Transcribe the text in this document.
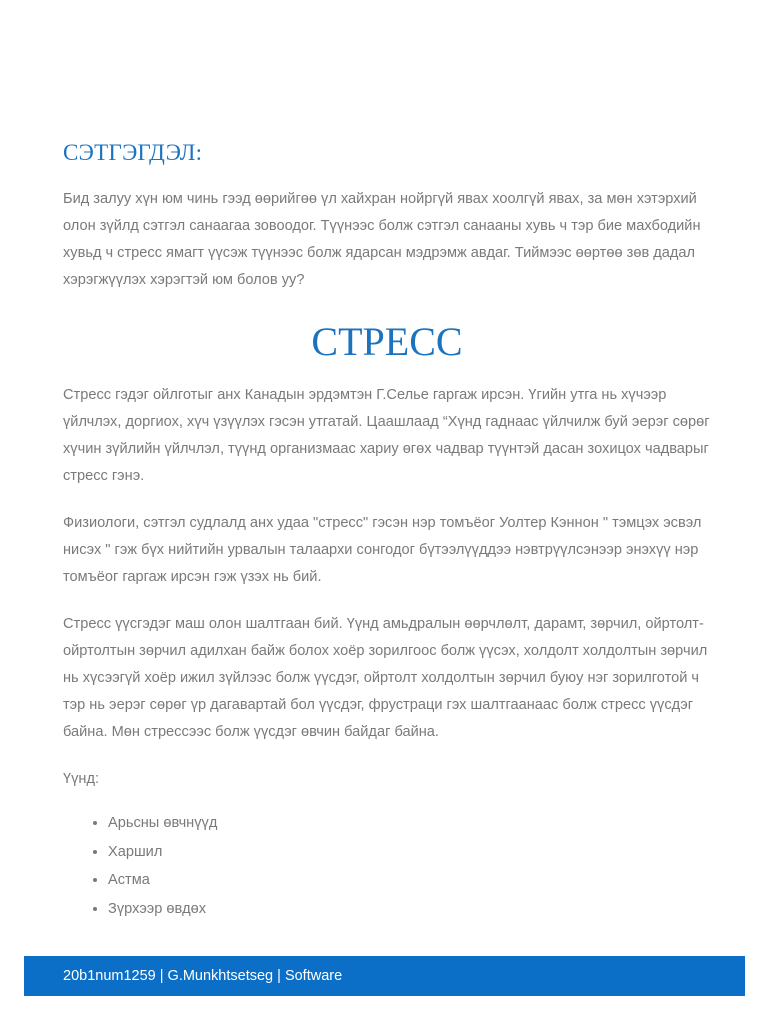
СЭТГЭГДЭЛ:

Бид залуу хүн юм чинь гээд өөрийгөө үл хайхран нойргүй явах хоолгүй явах, за мөн хэтэрхий олон зүйлд сэтгэл санаагаа зовоодог. Түүнээс болж сэтгэл санааны хувь ч тэр бие махбодийн хувьд ч стресс ямагт үүсэж түүнээс болж ядарсан мэдрэмж авдаг. Тиймээс өөртөө зөв дадал хэрэгжүүлэх хэрэгтэй юм болов уу?

СТРЕСС

Стресс гэдэг ойлготыг анх Канадын эрдэмтэн Г.Селье гаргаж ирсэн. Үгийн утга нь хүчээр үйлчлэх, доргиох, хүч үзүүлэх гэсэн утгатай. Цаашлаад “Хүнд гаднаас үйлчилж буй эерэг сөрөг хүчин зүйлийн үйлчлэл, түүнд организмаас хариу өгөх чадвар түүнтэй дасан зохицох чадварыг стресс гэнэ.

Физиологи, сэтгэл судлалд анх удаа "стресс" гэсэн нэр томъёог Уолтер Кэннон " тэмцэх эсвэл нисэх " гэж бүх нийтийн урвалын талаархи сонгодог бүтээлүүддээ нэвтрүүлсэнээр энэхүү нэр томъёог гаргаж ирсэн гэж үзэх нь бий.

Стресс үүсгэдэг маш олон шалтгаан бий. Үүнд амьдралын өөрчлөлт, дарамт, зөрчил, ойртолт-ойртолтын зөрчил адилхан байж болох хоёр зорилгоос болж үүсэх, холдолт холдолтын зөрчил нь хүсээгүй хоёр ижил зүйлээс болж үүсдэг, ойртолт холдолтын зөрчил буюу нэг зорилготой ч тэр нь эерэг сөрөг үр дагавартай бол үүсдэг, фрустраци гэх шалтгаанаас болж стресс үүсдэг байна. Мөн стрессээс болж үүсдэг өвчин байдаг байна.

Үүнд:

• Арьсны өвчнүүд
• Харшил
• Астма
• Зүрхээр өвдөх
20b1num1259 | G.Munkhtsetseg | Software
